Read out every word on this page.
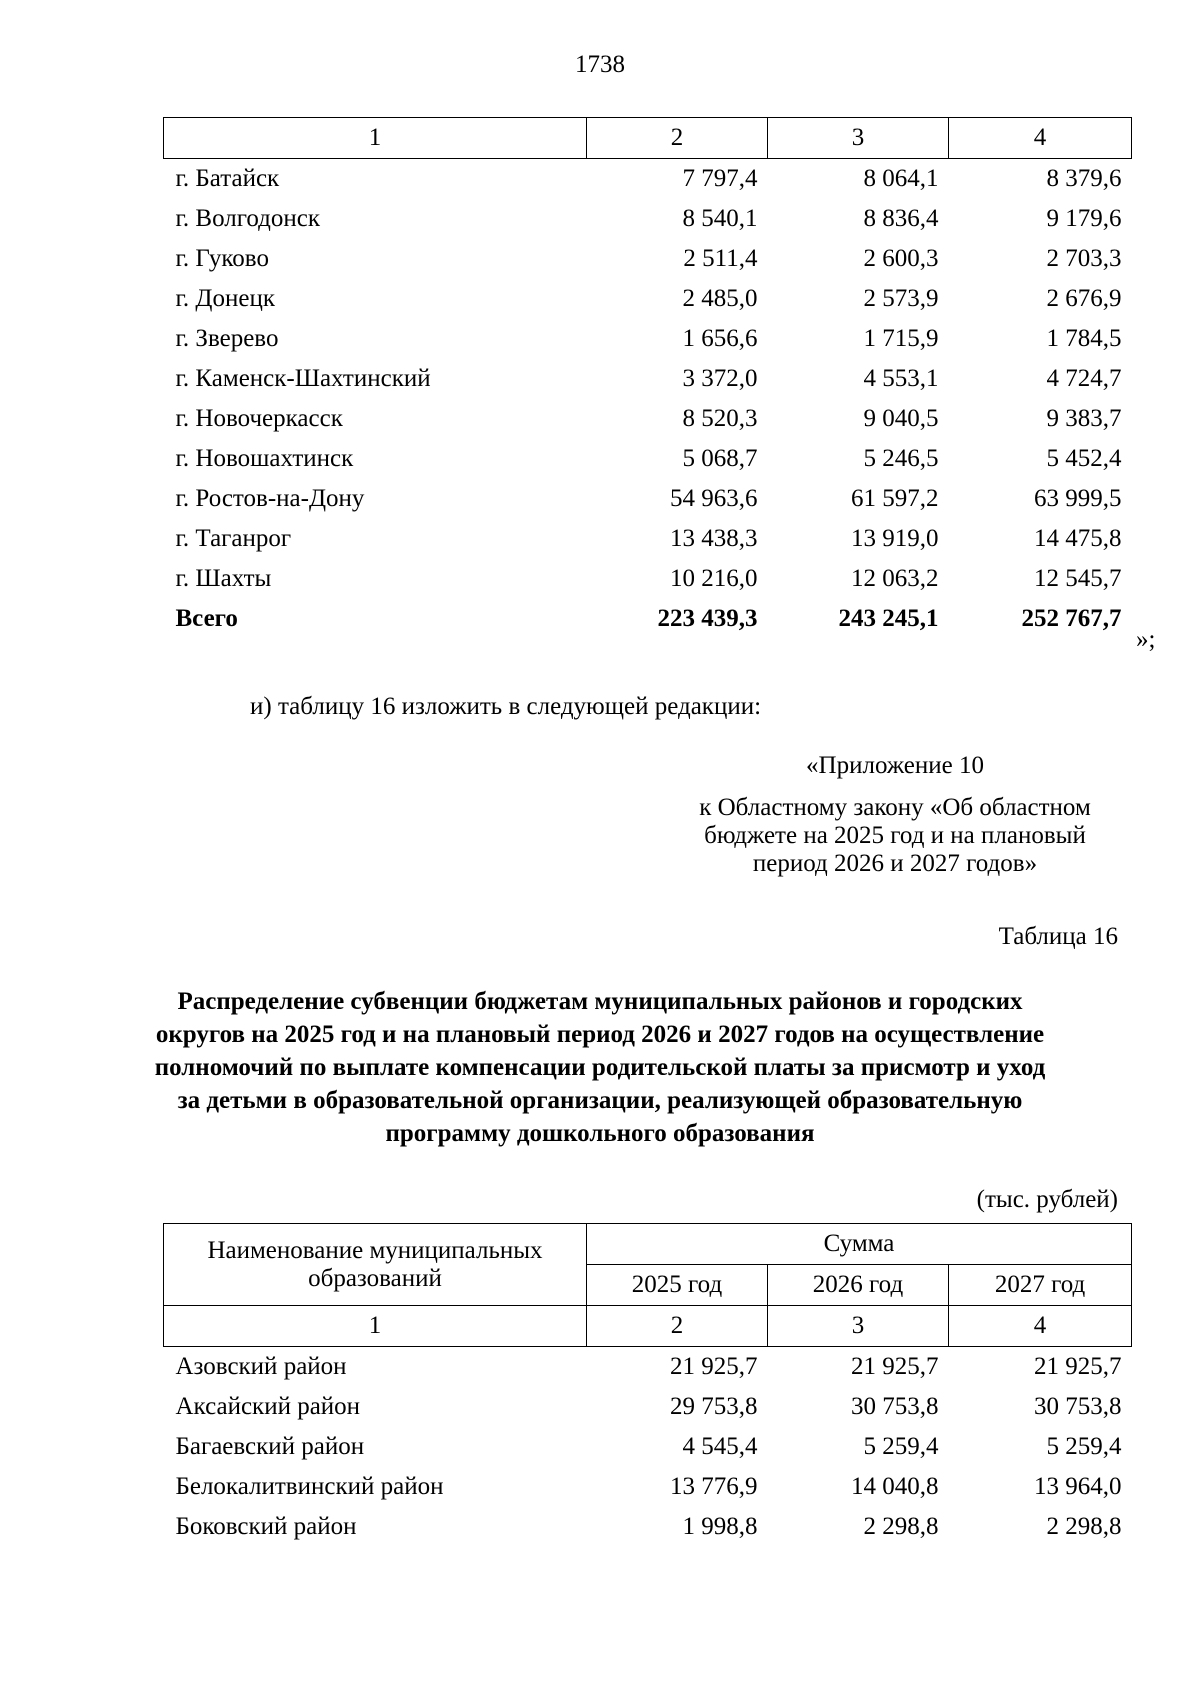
1738
1	2	3	4
г. Батайск	7 797,4	8 064,1	8 379,6
г. Волгодонск	8 540,1	8 836,4	9 179,6
г. Гуково	2 511,4	2 600,3	2 703,3
г. Донецк	2 485,0	2 573,9	2 676,9
г. Зверево	1 656,6	1 715,9	1 784,5
г. Каменск-Шахтинский	3 372,0	4 553,1	4 724,7
г. Новочеркасск	8 520,3	9 040,5	9 383,7
г. Новошахтинск	5 068,7	5 246,5	5 452,4
г. Ростов-на-Дону	54 963,6	61 597,2	63 999,5
г. Таганрог	13 438,3	13 919,0	14 475,8
г. Шахты	10 216,0	12 063,2	12 545,7
Всего	223 439,3	243 245,1	252 767,7
»;
и) таблицу 16 изложить в следующей редакции:
«Приложение 10
к Областному закону «Об областном
бюджете на 2025 год и на плановый
период 2026 и 2027 годов»
Таблица 16
Распределение субвенции бюджетам муниципальных районов и городских округов на 2025 год и на плановый период 2026 и 2027 годов на осуществление полномочий по выплате компенсации родительской платы за присмотр и уход за детьми в образовательной организации, реализующей образовательную программу дошкольного образования
(тыс. рублей)
Наименование муниципальных
образований	Сумма		
	2025 год	2026 год	2027 год
1	2	3	4
Азовский район	21 925,7	21 925,7	21 925,7
Аксайский район	29 753,8	30 753,8	30 753,8
Багаевский район	4 545,4	5 259,4	5 259,4
Белокалитвинский район	13 776,9	14 040,8	13 964,0
Боковский район	1 998,8	2 298,8	2 298,8
